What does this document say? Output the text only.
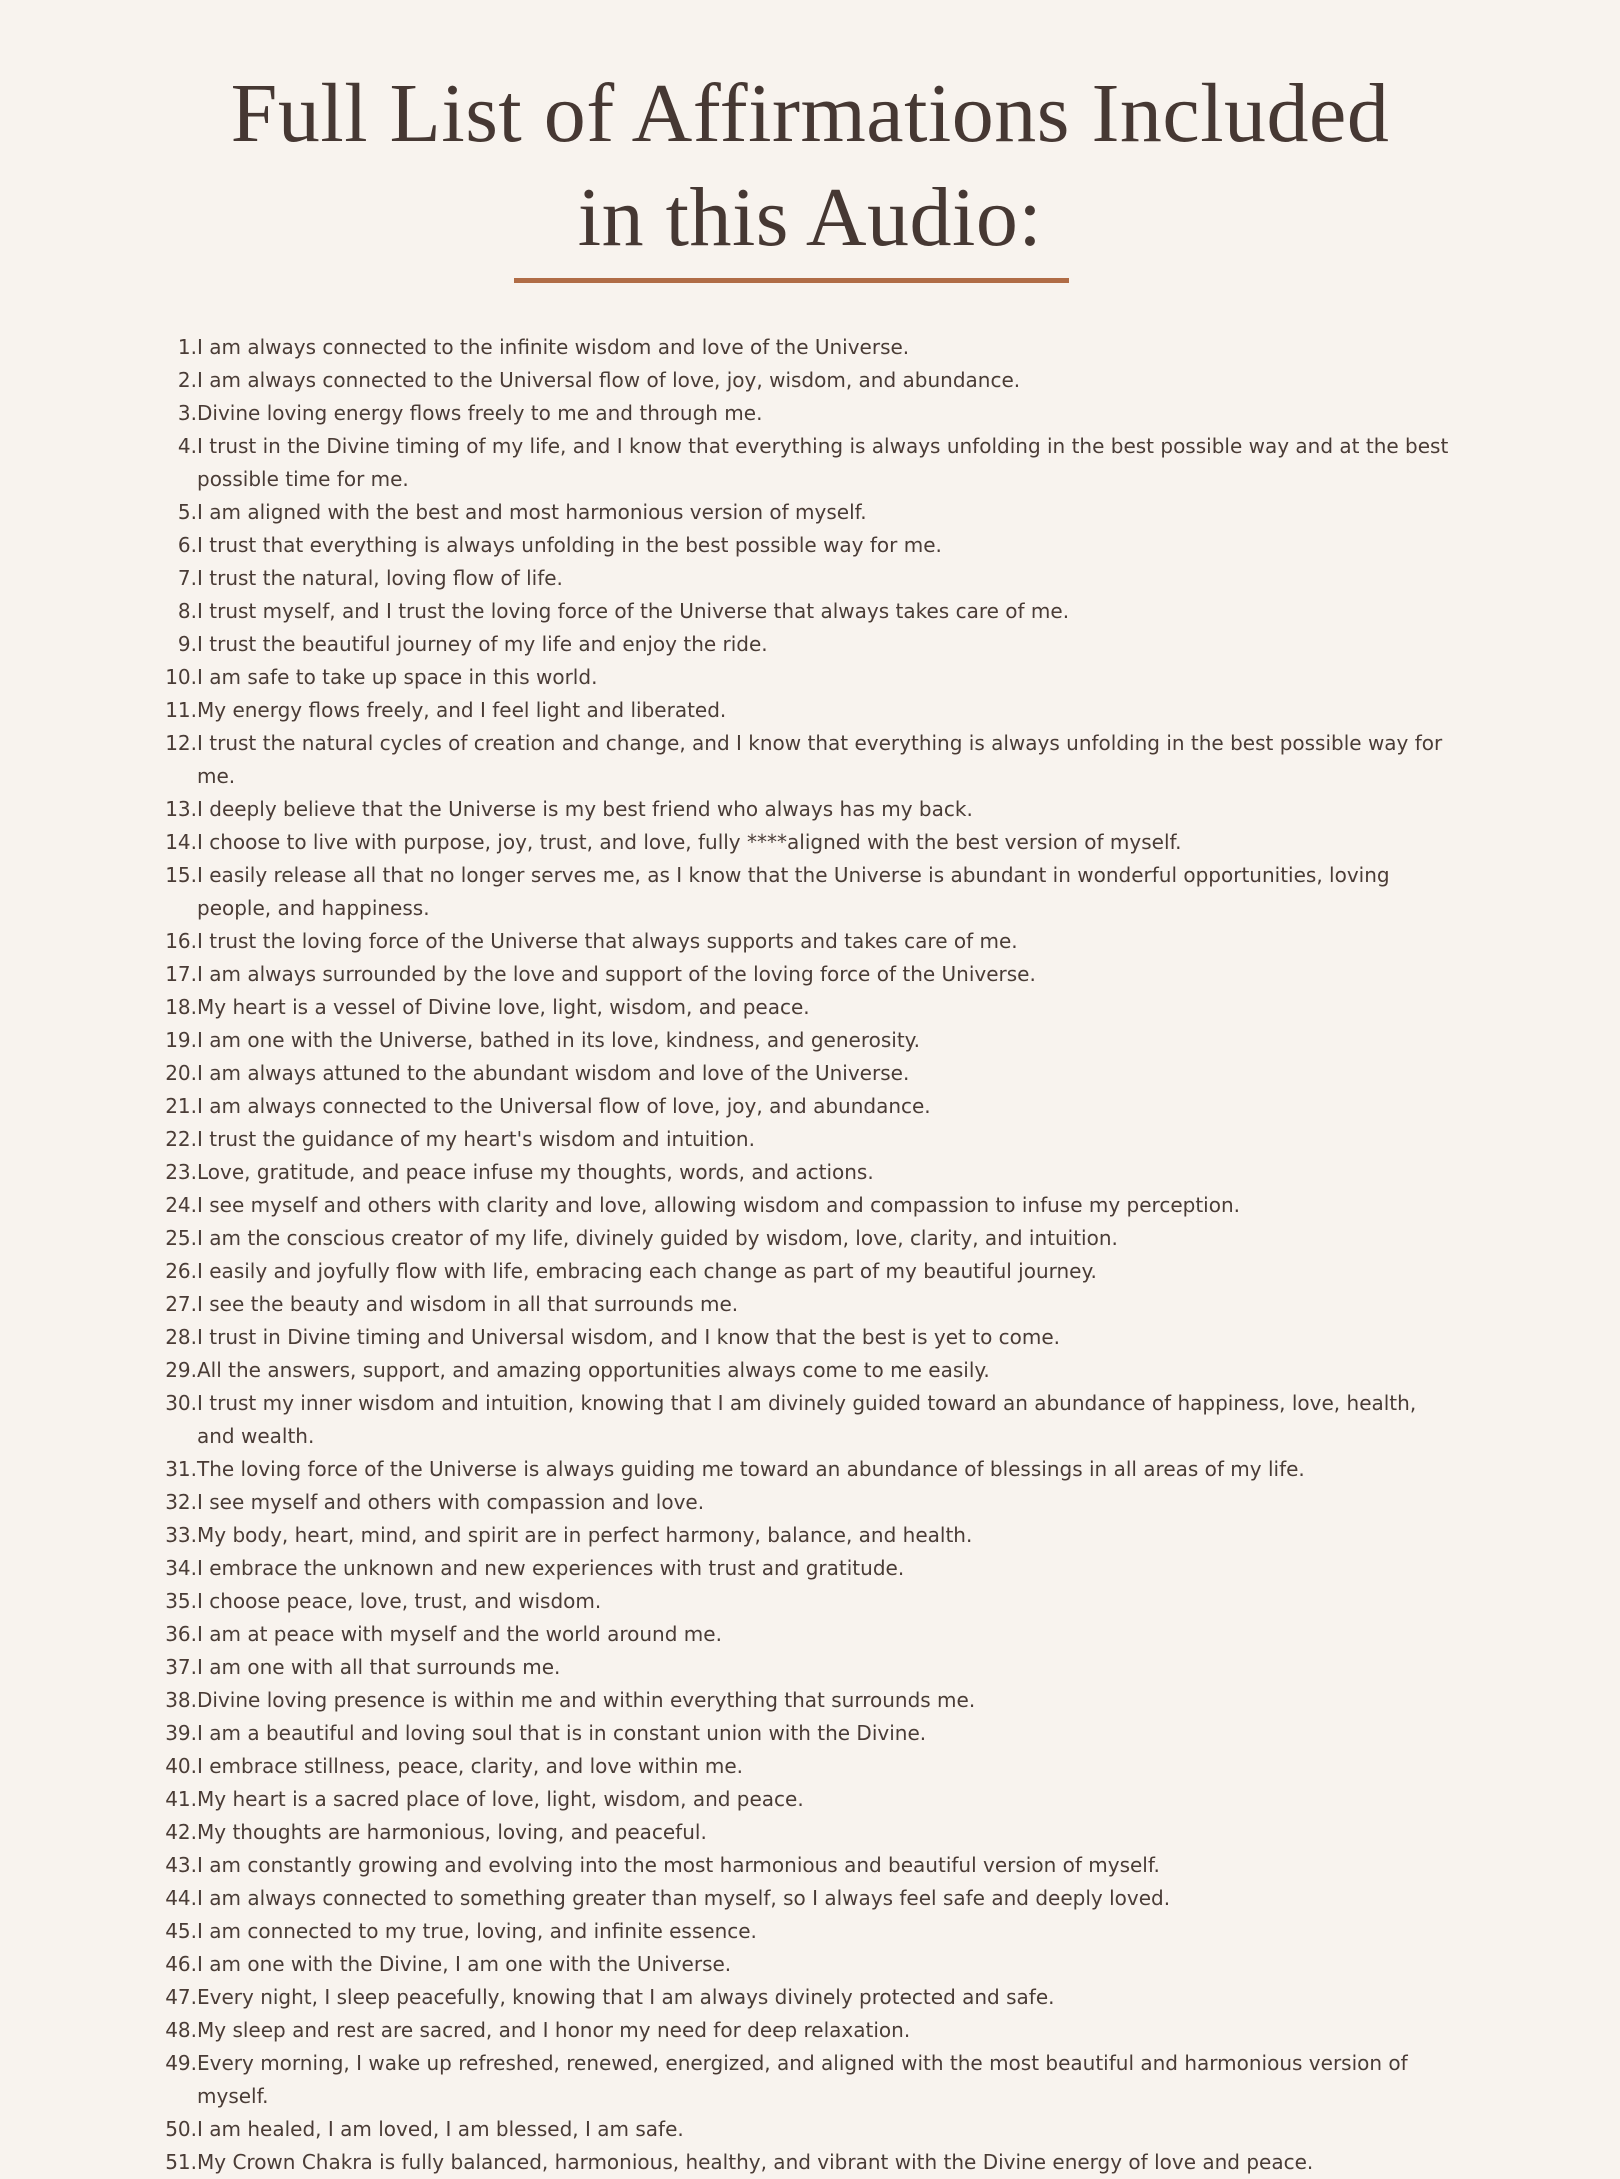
Full List of Affirmations Included
in this Audio:
1. I am always connected to the infinite wisdom and love of the Universe.
2. I am always connected to the Universal flow of love, joy, wisdom, and abundance.
3. Divine loving energy flows freely to me and through me.
4. I trust in the Divine timing of my life, and I know that everything is always unfolding in the best possible way and at the best possible time for me.
5. I am aligned with the best and most harmonious version of myself.
6. I trust that everything is always unfolding in the best possible way for me.
7. I trust the natural, loving flow of life.
8. I trust myself, and I trust the loving force of the Universe that always takes care of me.
9. I trust the beautiful journey of my life and enjoy the ride.
10. I am safe to take up space in this world.
11. My energy flows freely, and I feel light and liberated.
12. I trust the natural cycles of creation and change, and I know that everything is always unfolding in the best possible way for me.
13. I deeply believe that the Universe is my best friend who always has my back.
14. I choose to live with purpose, joy, trust, and love, fully ****aligned with the best version of myself.
15. I easily release all that no longer serves me, as I know that the Universe is abundant in wonderful opportunities, loving people, and happiness.
16. I trust the loving force of the Universe that always supports and takes care of me.
17. I am always surrounded by the love and support of the loving force of the Universe.
18. My heart is a vessel of Divine love, light, wisdom, and peace.
19. I am one with the Universe, bathed in its love, kindness, and generosity.
20. I am always attuned to the abundant wisdom and love of the Universe.
21. I am always connected to the Universal flow of love, joy, and abundance.
22. I trust the guidance of my heart's wisdom and intuition.
23. Love, gratitude, and peace infuse my thoughts, words, and actions.
24. I see myself and others with clarity and love, allowing wisdom and compassion to infuse my perception.
25. I am the conscious creator of my life, divinely guided by wisdom, love, clarity, and intuition.
26. I easily and joyfully flow with life, embracing each change as part of my beautiful journey.
27. I see the beauty and wisdom in all that surrounds me.
28. I trust in Divine timing and Universal wisdom, and I know that the best is yet to come.
29. All the answers, support, and amazing opportunities always come to me easily.
30. I trust my inner wisdom and intuition, knowing that I am divinely guided toward an abundance of happiness, love, health, and wealth.
31. The loving force of the Universe is always guiding me toward an abundance of blessings in all areas of my life.
32. I see myself and others with compassion and love.
33. My body, heart, mind, and spirit are in perfect harmony, balance, and health.
34. I embrace the unknown and new experiences with trust and gratitude.
35. I choose peace, love, trust, and wisdom.
36. I am at peace with myself and the world around me.
37. I am one with all that surrounds me.
38. Divine loving presence is within me and within everything that surrounds me.
39. I am a beautiful and loving soul that is in constant union with the Divine.
40. I embrace stillness, peace, clarity, and love within me.
41. My heart is a sacred place of love, light, wisdom, and peace.
42. My thoughts are harmonious, loving, and peaceful.
43. I am constantly growing and evolving into the most harmonious and beautiful version of myself.
44. I am always connected to something greater than myself, so I always feel safe and deeply loved.
45. I am connected to my true, loving, and infinite essence.
46. I am one with the Divine, I am one with the Universe.
47. Every night, I sleep peacefully, knowing that I am always divinely protected and safe.
48. My sleep and rest are sacred, and I honor my need for deep relaxation.
49. Every morning, I wake up refreshed, renewed, energized, and aligned with the most beautiful and harmonious version of myself.
50. I am healed, I am loved, I am blessed, I am safe.
51. My Crown Chakra is fully balanced, harmonious, healthy, and vibrant with the Divine energy of love and peace.
